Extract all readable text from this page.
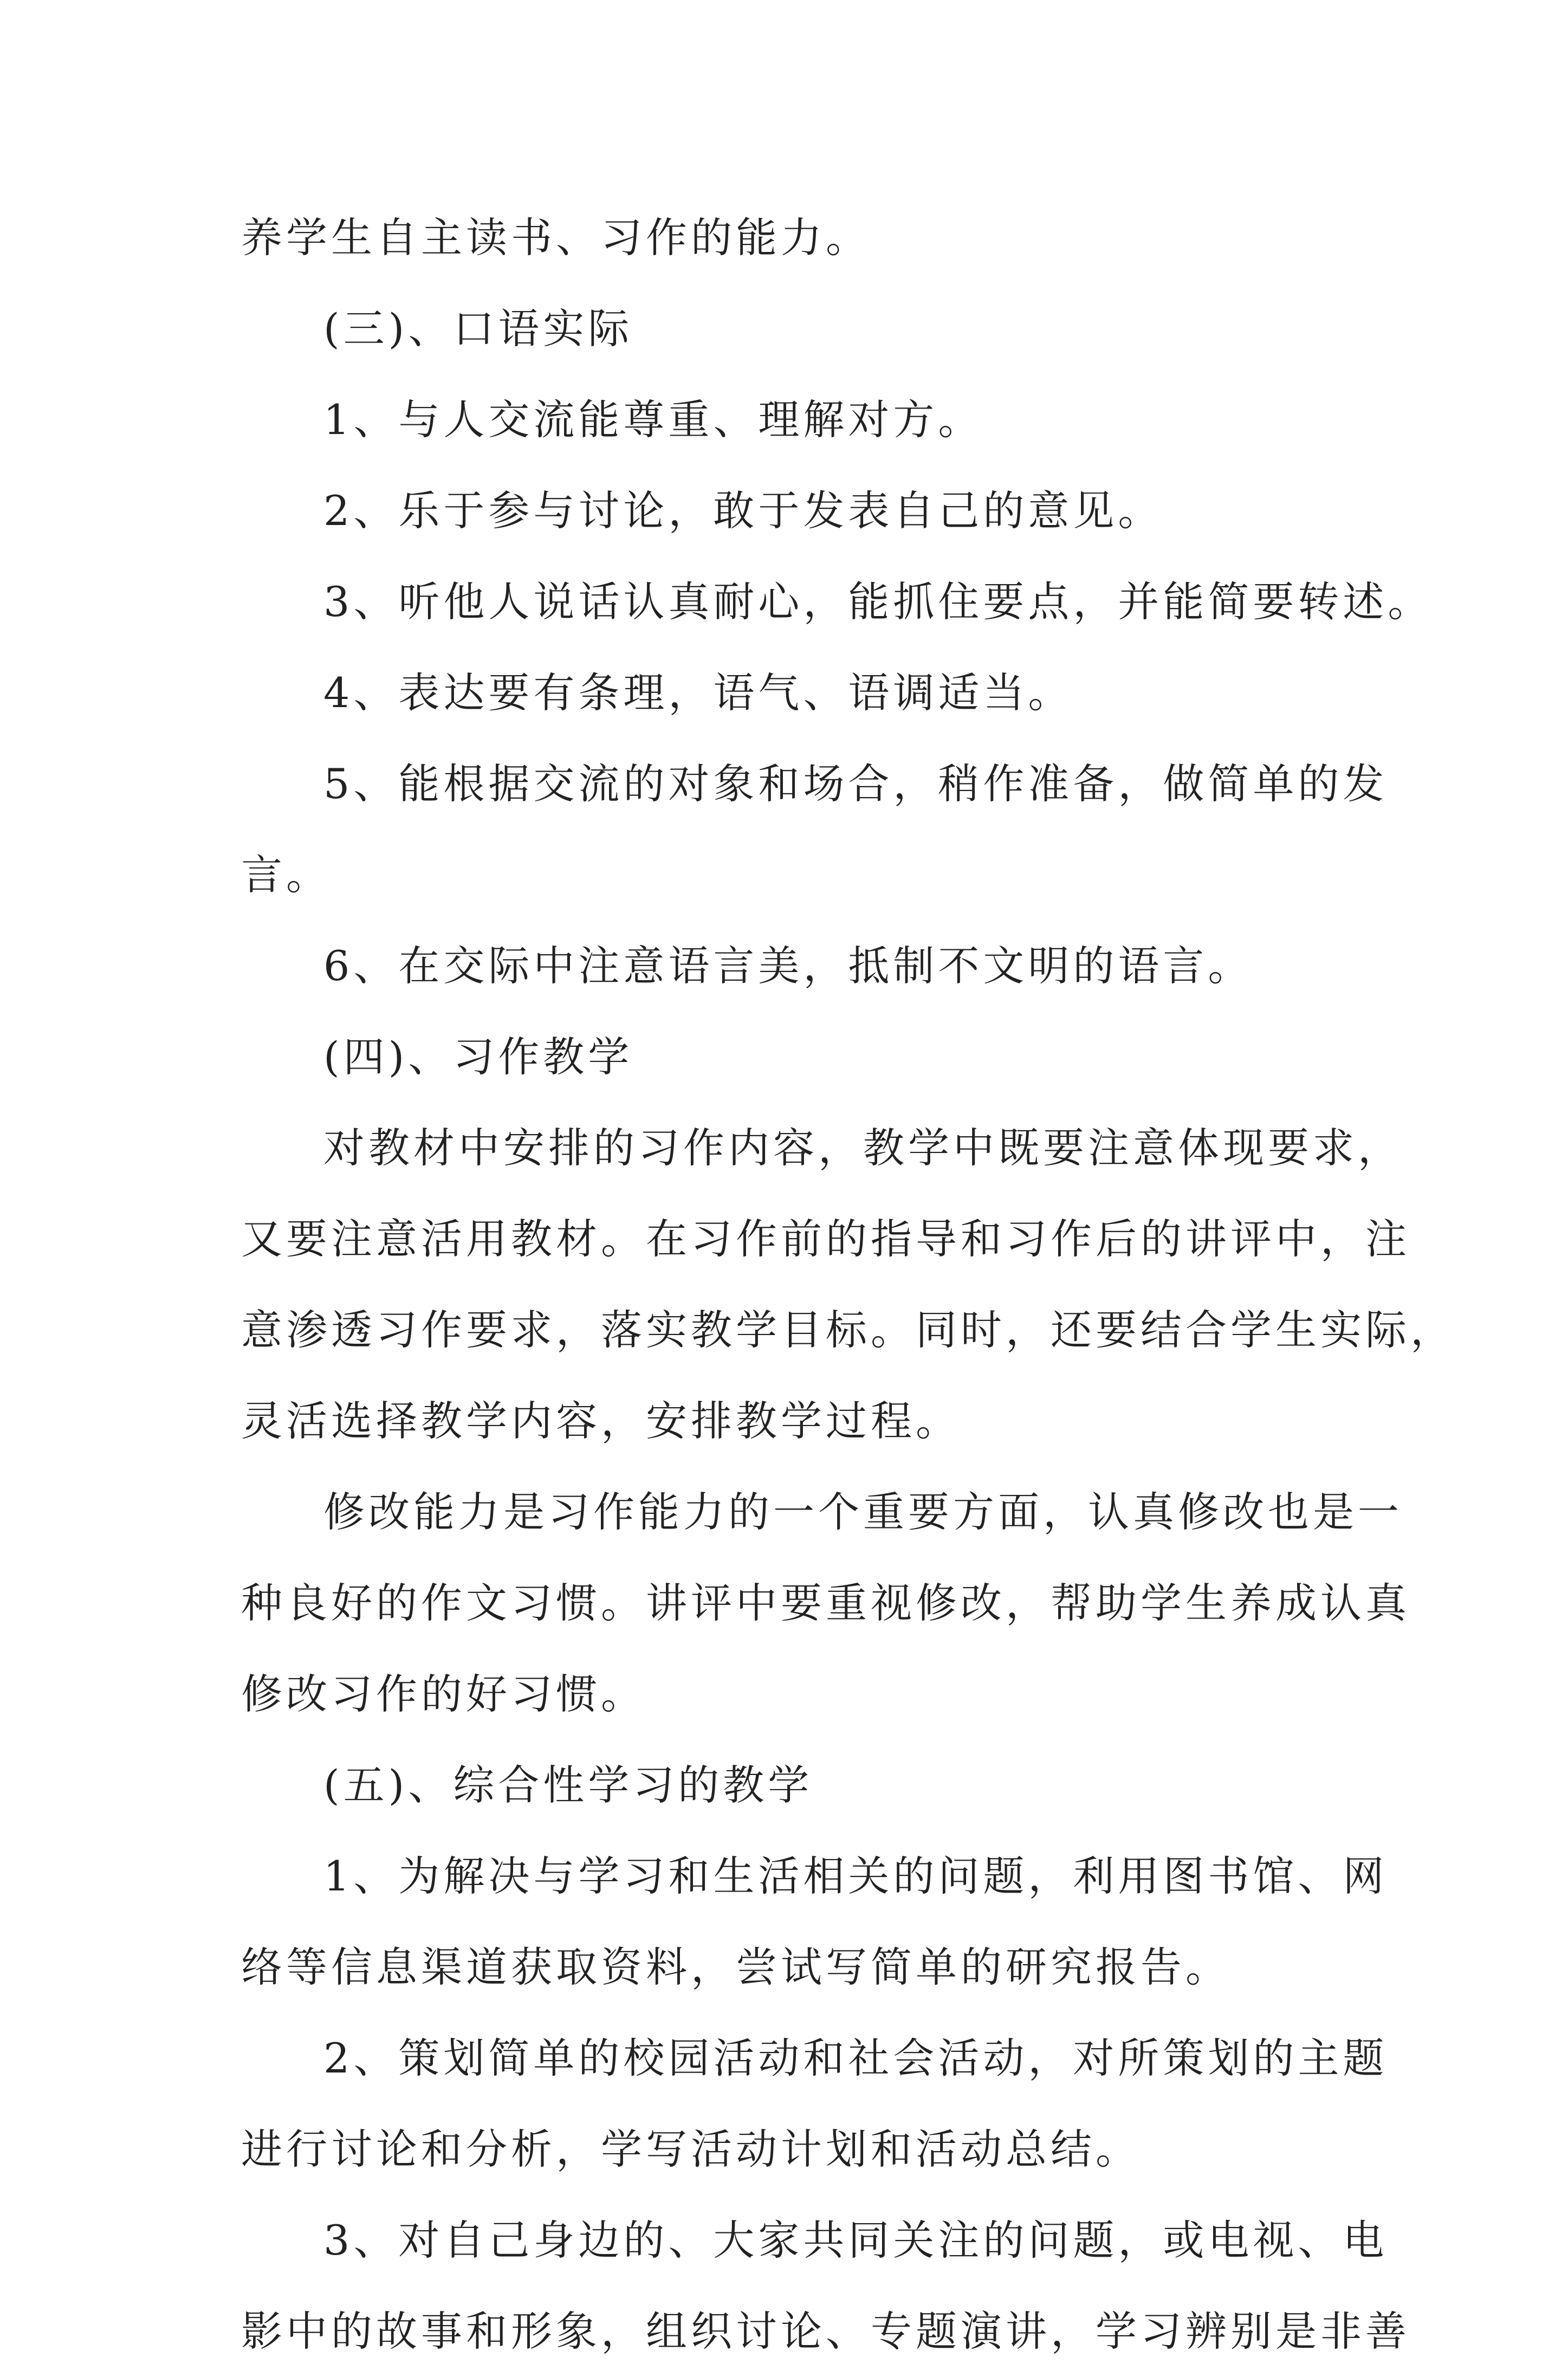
养学生自主读书、习作的能力。
(三)、口语实际
1、与人交流能尊重、理解对方。
2、乐于参与讨论，敢于发表自己的意见。
3、听他人说话认真耐心，能抓住要点，并能简要转述。
4、表达要有条理，语气、语调适当。
5、能根据交流的对象和场合，稍作准备，做简单的发
言。
6、在交际中注意语言美，抵制不文明的语言。
(四)、习作教学
对教材中安排的习作内容，教学中既要注意体现要求，
又要注意活用教材。在习作前的指导和习作后的讲评中，注
意渗透习作要求，落实教学目标。同时，还要结合学生实际，
灵活选择教学内容，安排教学过程。
修改能力是习作能力的一个重要方面，认真修改也是一
种良好的作文习惯。讲评中要重视修改，帮助学生养成认真
修改习作的好习惯。
(五)、综合性学习的教学
1、为解决与学习和生活相关的问题，利用图书馆、网
络等信息渠道获取资料，尝试写简单的研究报告。
2、策划简单的校园活动和社会活动，对所策划的主题
进行讨论和分析，学写活动计划和活动总结。
3、对自己身边的、大家共同关注的问题，或电视、电
影中的故事和形象，组织讨论、专题演讲，学习辨别是非善
